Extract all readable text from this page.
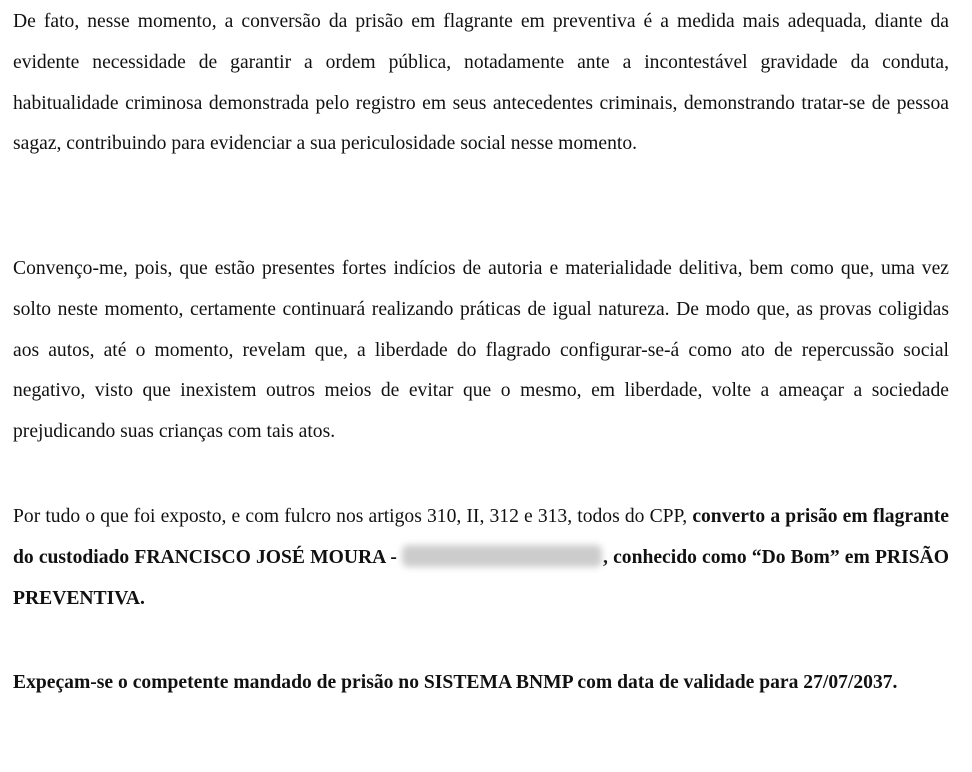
De fato, nesse momento, a conversão da prisão em flagrante em preventiva é a medida mais adequada, diante da evidente necessidade de garantir a ordem pública, notadamente ante a incontestável gravidade da conduta, habitualidade criminosa demonstrada pelo registro em seus antecedentes criminais, demonstrando tratar-se de pessoa sagaz, contribuindo para evidenciar a sua periculosidade social nesse momento.

Convenço-me, pois, que estão presentes fortes indícios de autoria e materialidade delitiva, bem como que, uma vez solto neste momento, certamente continuará realizando práticas de igual natureza. De modo que, as provas coligidas aos autos, até o momento, revelam que, a liberdade do flagrado configurar-se-á como ato de repercussão social negativo, visto que inexistem outros meios de evitar que o mesmo, em liberdade, volte a ameaçar a sociedade prejudicando suas crianças com tais atos.

Por tudo o que foi exposto, e com fulcro nos artigos 310, II, 312 e 313, todos do CPP, converto a prisão em flagrante do custodiado FRANCISCO JOSÉ MOURA -	, conhecido como “Do Bom” em PRISÃO PREVENTIVA.

Expeçam-se o competente mandado de prisão no SISTEMA BNMP com data de validade para 27/07/2037.
